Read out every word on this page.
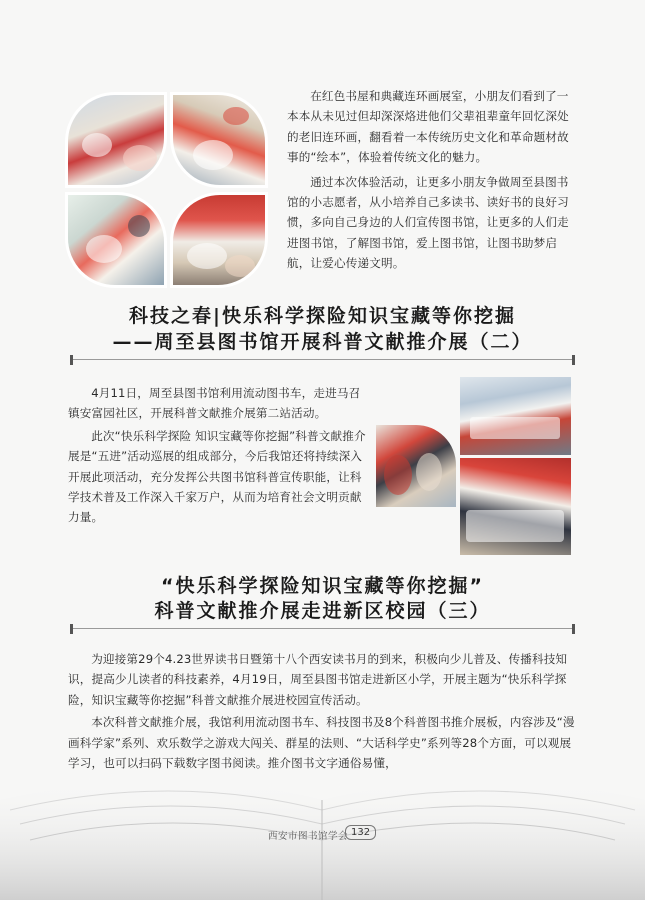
在红色书屋和典藏连环画展室，小朋友们看到了一本本从未见过但却深深烙进他们父辈祖辈童年回忆深处的老旧连环画，翻看着一本传统历史文化和革命题材故事的“绘本”，体验着传统文化的魅力。

通过本次体验活动，让更多小朋友争做周至县图书馆的小志愿者，从小培养自己多读书、读好书的良好习惯，多向自己身边的人们宣传图书馆，让更多的人们走进图书馆，了解图书馆，爱上图书馆，让图书助梦启航，让爱心传递文明。

科技之春|快乐科学探险知识宝藏等你挖掘
——周至县图书馆开展科普文献推介展（二）

4月11日，周至县图书馆利用流动图书车，走进马召镇安富园社区，开展科普文献推介展第二站活动。

此次“快乐科学探险 知识宝藏等你挖掘”科普文献推介展是“五进”活动巡展的组成部分，今后我馆还将持续深入开展此项活动，充分发挥公共图书馆科普宣传职能，让科学技术普及工作深入千家万户，从而为培育社会文明贡献力量。

“快乐科学探险知识宝藏等你挖掘”
科普文献推介展走进新区校园（三）

为迎接第29个4.23世界读书日暨第十八个西安读书月的到来，积极向少儿普及、传播科技知识，提高少儿读者的科技素养，4月19日，周至县图书馆走进新区小学，开展主题为“快乐科学探险，知识宝藏等你挖掘”科普文献推介展进校园宣传活动。

本次科普文献推介展，我馆利用流动图书车、科技图书及8个科普图书推介展板，内容涉及“漫画科学家”系列、欢乐数学之游戏大闯关、群星的法则、“大话科学史”系列等28个方面，可以观展学习，也可以扫码下载数字图书阅读。推介图书文字通俗易懂，

西安市图书馆学会 132
